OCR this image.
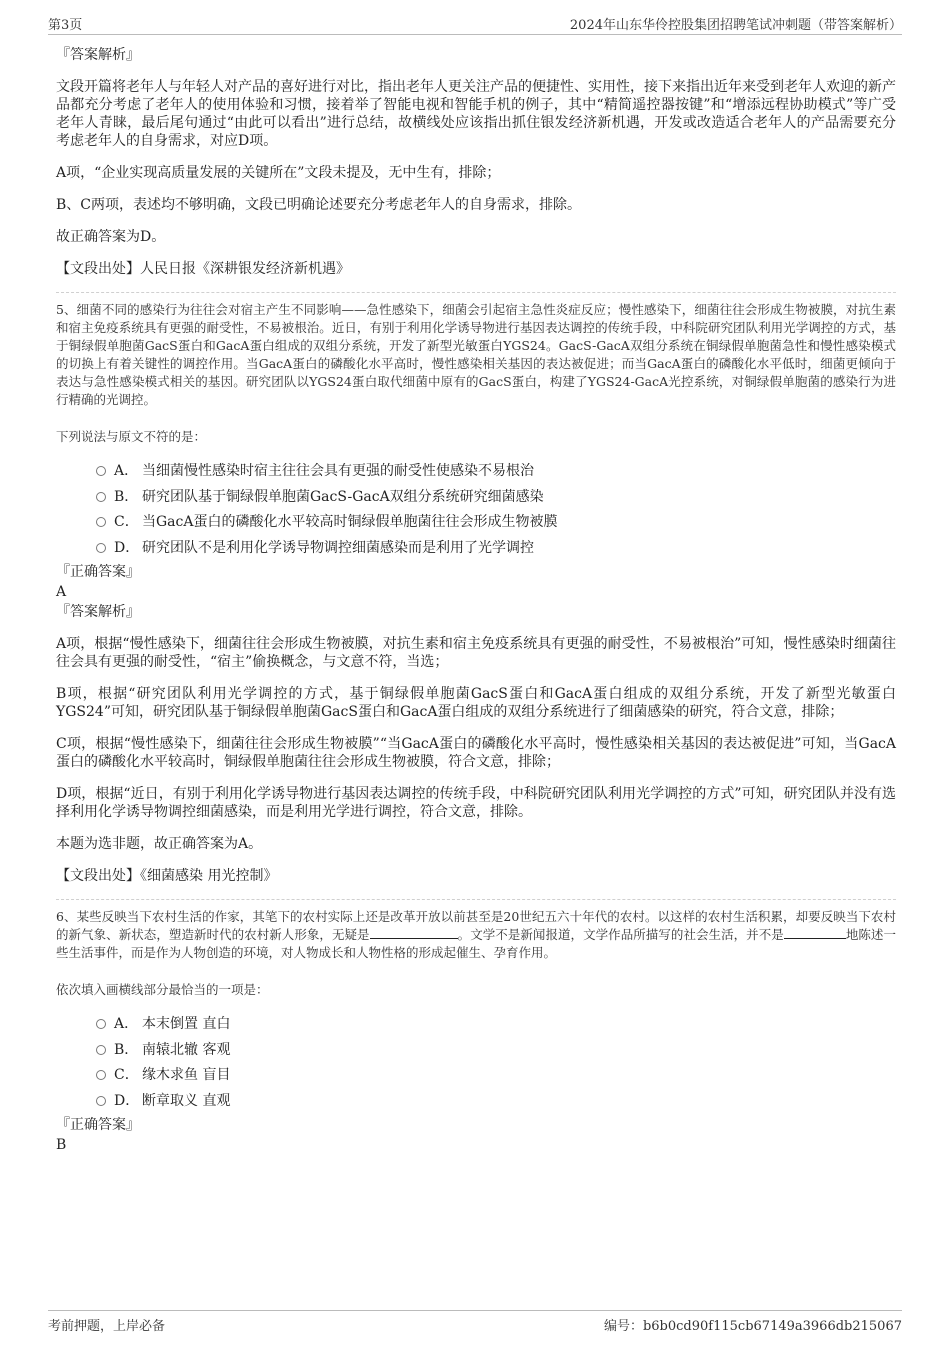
第3页	2024年山东华伶控股集团招聘笔试冲刺题（带答案解析）
『答案解析』
文段开篇将老年人与年轻人对产品的喜好进行对比，指出老年人更关注产品的便捷性、实用性，接下来指出近年来受到老年人欢迎的新产品都充分考虑了老年人的使用体验和习惯，接着举了智能电视和智能手机的例子，其中“精简遥控器按键”和“增添远程协助模式”等广受老年人青睐，最后尾句通过“由此可以看出”进行总结，故横线处应该指出抓住银发经济新机遇，开发或改造适合老年人的产品需要充分考虑老年人的自身需求，对应D项。
A项，“企业实现高质量发展的关键所在”文段未提及，无中生有，排除；
B、C两项，表述均不够明确，文段已明确论述要充分考虑老年人的自身需求，排除。
故正确答案为D。
【文段出处】人民日报《深耕银发经济新机遇》
5、细菌不同的感染行为往往会对宿主产生不同影响——急性感染下，细菌会引起宿主急性炎症反应；慢性感染下，细菌往往会形成生物被膜，对抗生素和宿主免疫系统具有更强的耐受性，不易被根治。近日，有别于利用化学诱导物进行基因表达调控的传统手段，中科院研究团队利用光学调控的方式，基于铜绿假单胞菌GacS蛋白和GacA蛋白组成的双组分系统，开发了新型光敏蛋白YGS24。GacS-GacA双组分系统在铜绿假单胞菌急性和慢性感染模式的切换上有着关键性的调控作用。当GacA蛋白的磷酸化水平高时，慢性感染相关基因的表达被促进；而当GacA蛋白的磷酸化水平低时，细菌更倾向于表达与急性感染模式相关的基因。研究团队以YGS24蛋白取代细菌中原有的GacS蛋白，构建了YGS24-GacA光控系统，对铜绿假单胞菌的感染行为进行精确的光调控。
下列说法与原文不符的是：
A． 当细菌慢性感染时宿主往往会具有更强的耐受性使感染不易根治
B． 研究团队基于铜绿假单胞菌GacS-GacA双组分系统研究细菌感染
C． 当GacA蛋白的磷酸化水平较高时铜绿假单胞菌往往会形成生物被膜
D． 研究团队不是利用化学诱导物调控细菌感染而是利用了光学调控
『正确答案』
A
『答案解析』
A项，根据“慢性感染下，细菌往往会形成生物被膜，对抗生素和宿主免疫系统具有更强的耐受性，不易被根治”可知，慢性感染时细菌往往会具有更强的耐受性，“宿主”偷换概念，与文意不符，当选；
B项，根据“研究团队利用光学调控的方式，基于铜绿假单胞菌GacS蛋白和GacA蛋白组成的双组分系统，开发了新型光敏蛋白YGS24”可知，研究团队基于铜绿假单胞菌GacS蛋白和GacA蛋白组成的双组分系统进行了细菌感染的研究，符合文意，排除；
C项，根据“慢性感染下，细菌往往会形成生物被膜”“当GacA蛋白的磷酸化水平高时，慢性感染相关基因的表达被促进”可知，当GacA蛋白的磷酸化水平较高时，铜绿假单胞菌往往会形成生物被膜，符合文意，排除；
D项，根据“近日，有别于利用化学诱导物进行基因表达调控的传统手段，中科院研究团队利用光学调控的方式”可知，研究团队并没有选择利用化学诱导物调控细菌感染，而是利用光学进行调控，符合文意，排除。
本题为选非题，故正确答案为A。
【文段出处】《细菌感染 用光控制》
6、某些反映当下农村生活的作家，其笔下的农村实际上还是改革开放以前甚至是20世纪五六十年代的农村。以这样的农村生活积累，却要反映当下农村的新气象、新状态，塑造新时代的农村新人形象，无疑是	。文学不是新闻报道，文学作品所描写的社会生活，并不是	地陈述一些生活事件，而是作为人物创造的环境，对人物成长和人物性格的形成起催生、孕育作用。
依次填入画横线部分最恰当的一项是：
A． 本末倒置 直白
B． 南辕北辙 客观
C． 缘木求鱼 盲目
D． 断章取义 直观
『正确答案』
B
考前押题，上岸必备	编号：b6b0cd90f115cb67149a3966db215067
